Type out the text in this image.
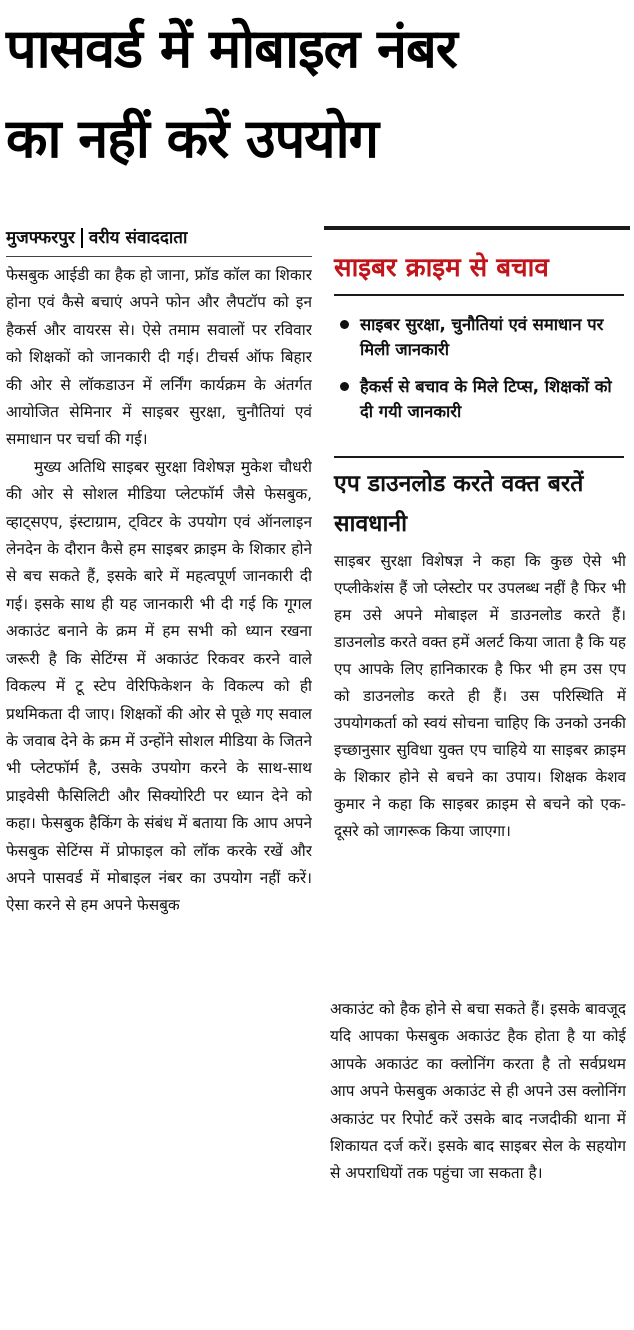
पासवर्ड में मोबाइल नंबर
का नहीं करें उपयोग
मुजफ्फरपुर वरीय संवाददाता

फेसबुक आईडी का हैक हो जाना, फ्रॉड कॉल का शिकार होना एवं कैसे बचाएं अपने फोन और लैपटॉप को इन हैकर्स और वायरस से। ऐसे तमाम सवालों पर रविवार को शिक्षकों को जानकारी दी गई। टीचर्स ऑफ बिहार की ओर से लॉकडाउन में लर्निंग कार्यक्रम के अंतर्गत आयोजित सेमिनार में साइबर सुरक्षा, चुनौतियां एवं समाधान पर चर्चा की गई।

मुख्य अतिथि साइबर सुरक्षा विशेषज्ञ मुकेश चौधरी की ओर से सोशल मीडिया प्लेटफॉर्म जैसे फेसबुक, व्हाट्सएप, इंस्टाग्राम, ट्विटर के उपयोग एवं ऑनलाइन लेनदेन के दौरान कैसे हम साइबर क्राइम के शिकार होने से बच सकते हैं, इसके बारे में महत्वपूर्ण जानकारी दी गई। इसके साथ ही यह जानकारी भी दी गई कि गूगल अकाउंट बनाने के क्रम में हम सभी को ध्यान रखना जरूरी है कि सेटिंग्स में अकाउंट रिकवर करने वाले विकल्प में टू स्टेप वेरिफिकेशन के विकल्प को ही प्रथमिकता दी जाए। शिक्षकों की ओर से पूछे गए सवाल के जवाब देने के क्रम में उन्होंने सोशल मीडिया के जितने भी प्लेटफॉर्म है, उसके उपयोग करने के साथ-साथ प्राइवेसी फैसिलिटी और सिक्योरिटी पर ध्यान देने को कहा। फेसबुक हैकिंग के संबंध में बताया कि आप अपने फेसबुक सेटिंग्स में प्रोफाइल को लॉक करके रखें और अपने पासवर्ड में मोबाइल नंबर का उपयोग नहीं करें। ऐसा करने से हम अपने फेसबुक

साइबर क्राइम से बचाव
साइबर सुरक्षा, चुनौतियां एवं समाधान पर मिली जानकारी
हैकर्स से बचाव के मिले टिप्स, शिक्षकों को दी गयी जानकारी
एप डाउनलोड करते वक्त बरतें सावधानी

साइबर सुरक्षा विशेषज्ञ ने कहा कि कुछ ऐसे भी एप्लीकेशंस हैं जो प्लेस्टोर पर उपलब्ध नहीं है फिर भी हम उसे अपने मोबाइल में डाउनलोड करते हैं। डाउनलोड करते वक्त हमें अलर्ट किया जाता है कि यह एप आपके लिए हानिकारक है फिर भी हम उस एप को डाउनलोड करते ही हैं। उस परिस्थिति में उपयोगकर्ता को स्वयं सोचना चाहिए कि उनको उनकी इच्छानुसार सुविधा युक्त एप चाहिये या साइबर क्राइम के शिकार होने से बचने का उपाय। शिक्षक केशव कुमार ने कहा कि साइबर क्राइम से बचने को एक-दूसरे को जागरूक किया जाएगा।

अकाउंट को हैक होने से बचा सकते हैं। इसके बावजूद यदि आपका फेसबुक अकाउंट हैक होता है या कोई आपके अकाउंट का क्लोनिंग करता है तो सर्वप्रथम आप अपने फेसबुक अकाउंट से ही अपने उस क्लोनिंग अकाउंट पर रिपोर्ट करें उसके बाद नजदीकी थाना में शिकायत दर्ज करें। इसके बाद साइबर सेल के सहयोग से अपराधियों तक पहुंचा जा सकता है।
